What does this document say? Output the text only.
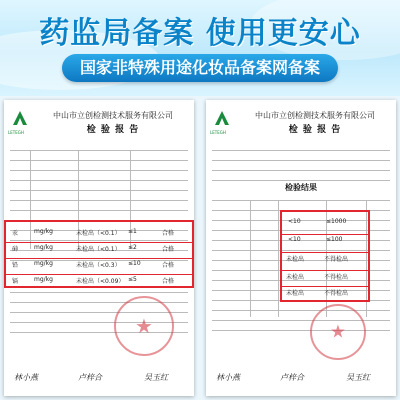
药监局备案 使用更安心
国家非特殊用途化妆品备案网备案
LETEGH
中山市立创检测技术服务有限公司
检 验 报 告
汞	mg/kg	未检出（<0.1） ≤1	合格
砷	mg/kg	未检出（<0.1） ≤2	合格
铅	mg/kg	未检出（<0.3） ≤10	合格
镉	mg/kg	未检出（<0.09） ≤5	合格
★
林小燕	卢梓合	吴玉红
LETEGH
中山市立创检测技术服务有限公司
检 验 报 告
检验结果
<10	≤1000
<10	≤100
未检出	不得检出
未检出	不得检出
未检出	不得检出
★
林小燕	卢梓合	吴玉红
